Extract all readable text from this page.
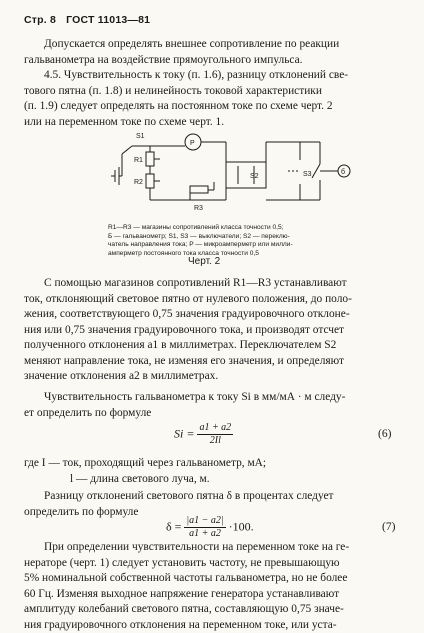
Стр. 8 ГОСТ 11013—81
Допускается определять внешнее сопротивление по реакции
гальванометра на воздействие прямоугольного импульса.
4.5. Чувствительность к току (п. 1.6), разницу отклонений све-
тового пятна (п. 1.8) и нелинейность токовой характеристики
(п. 1.9) следует определять на постоянном токе по схеме черт. 2
или на переменном токе по схеме черт. 1.
S1
R1
R2
R3
P
S2	S3	б
R1—R3 — магазины сопротивлений класса точности 0,5;
Б — гальванометр; S1, S3 — выключатели; S2 — переклю-
чатель направления тока; P — микроамперметр или милли-
амперметр постоянного тока класса точности 0,5
Черт. 2
С помощью магазинов сопротивлений R1—R3 устанавливают
ток, отклоняющий световое пятно от нулевого положения, до поло-
жения, соответствующего 0,75 значения градуировочного отклоне-
ния или 0,75 значения градуировочного тока, и производят отсчет
полученного отклонения a1 в миллиметрах. Переключателем S2
меняют направление тока, не изменяя его значения, и определяют
значение отклонения a2 в миллиметрах.
Чувствительность гальванометра к току Si в мм/мА · м следу-
ет определить по формуле
$Si = \frac{a1 + a2}{2Il}$	(6)
где I — ток, проходящий через гальванометр, мА;
l — длина светового луча, м.
Разницу отклонений светового пятна δ в процентах следует
определить по формуле
$\delta = \frac{|a1 - a2|}{a1 + a2} \cdot 100$.	(7)
При определении чувствительности на переменном токе на ге-
нераторе (черт. 1) следует установить частоту, не превышающую
5% номинальной собственной частоты гальванометра, но не более
60 Гц. Изменяя выходное напряжение генератора устанавливают
амплитуду колебаний светового пятна, составляющую 0,75 значе-
ния градуировочного отклонения на переменном токе, или уста-
